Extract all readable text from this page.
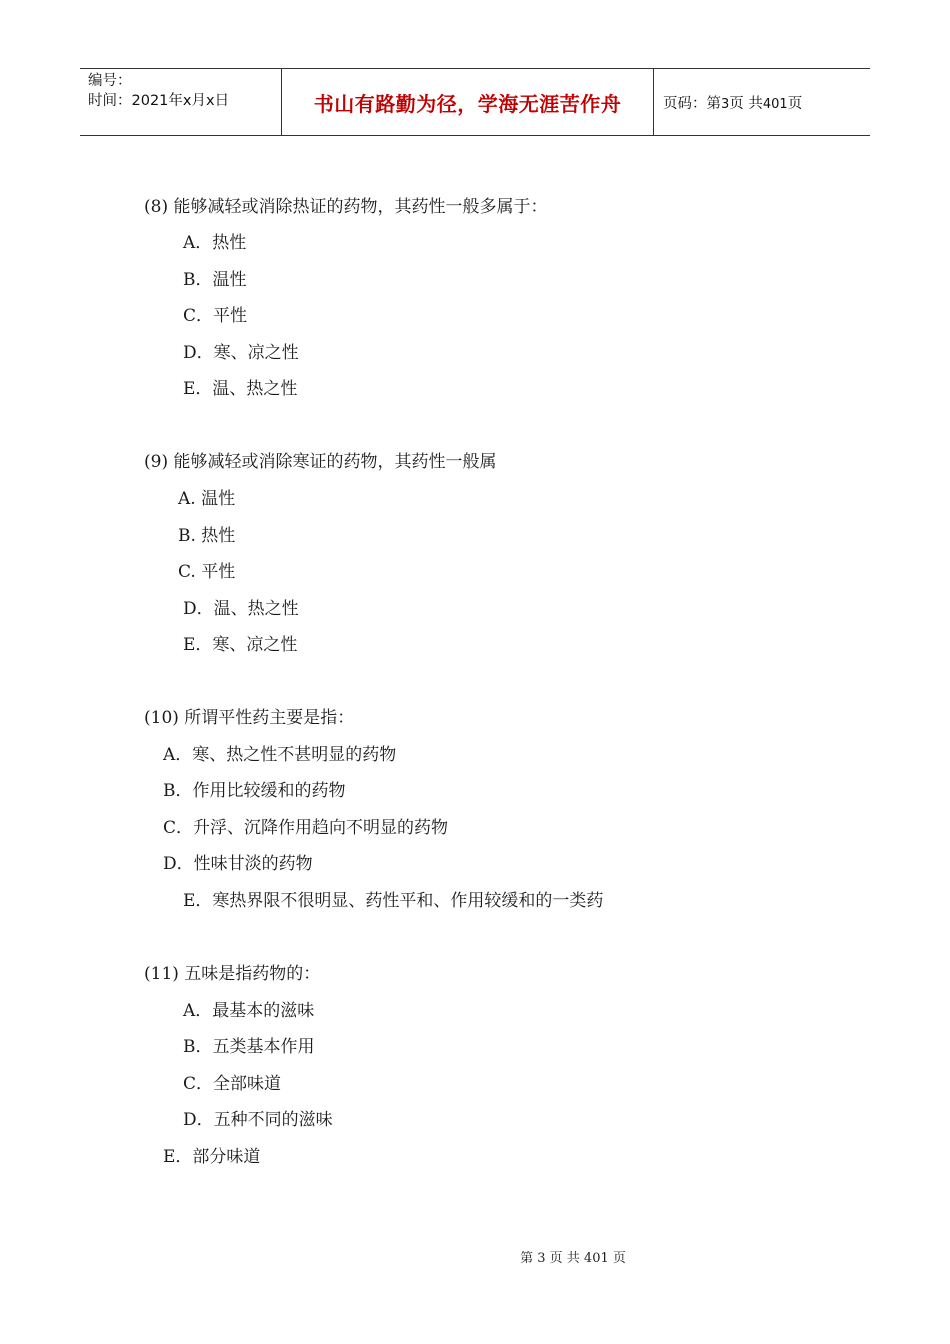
编号：
时间：2021年x月x日	书山有路勤为径，学海无涯苦作舟	页码：第3页 共401页
(8) 能够减轻或消除热证的药物，其药性一般多属于：
A．热性
B．温性
C．平性
D．寒、凉之性
E．温、热之性
(9) 能够减轻或消除寒证的药物，其药性一般属
A. 温性
B. 热性
C. 平性
D．温、热之性
E．寒、凉之性
(10) 所谓平性药主要是指：
A．寒、热之性不甚明显的药物
B．作用比较缓和的药物
C．升浮、沉降作用趋向不明显的药物
D．性味甘淡的药物
E．寒热界限不很明显、药性平和、作用较缓和的一类药
(11) 五味是指药物的：
A．最基本的滋味
B．五类基本作用
C．全部味道
D．五种不同的滋味
E．部分味道
第 3 页 共 401 页
